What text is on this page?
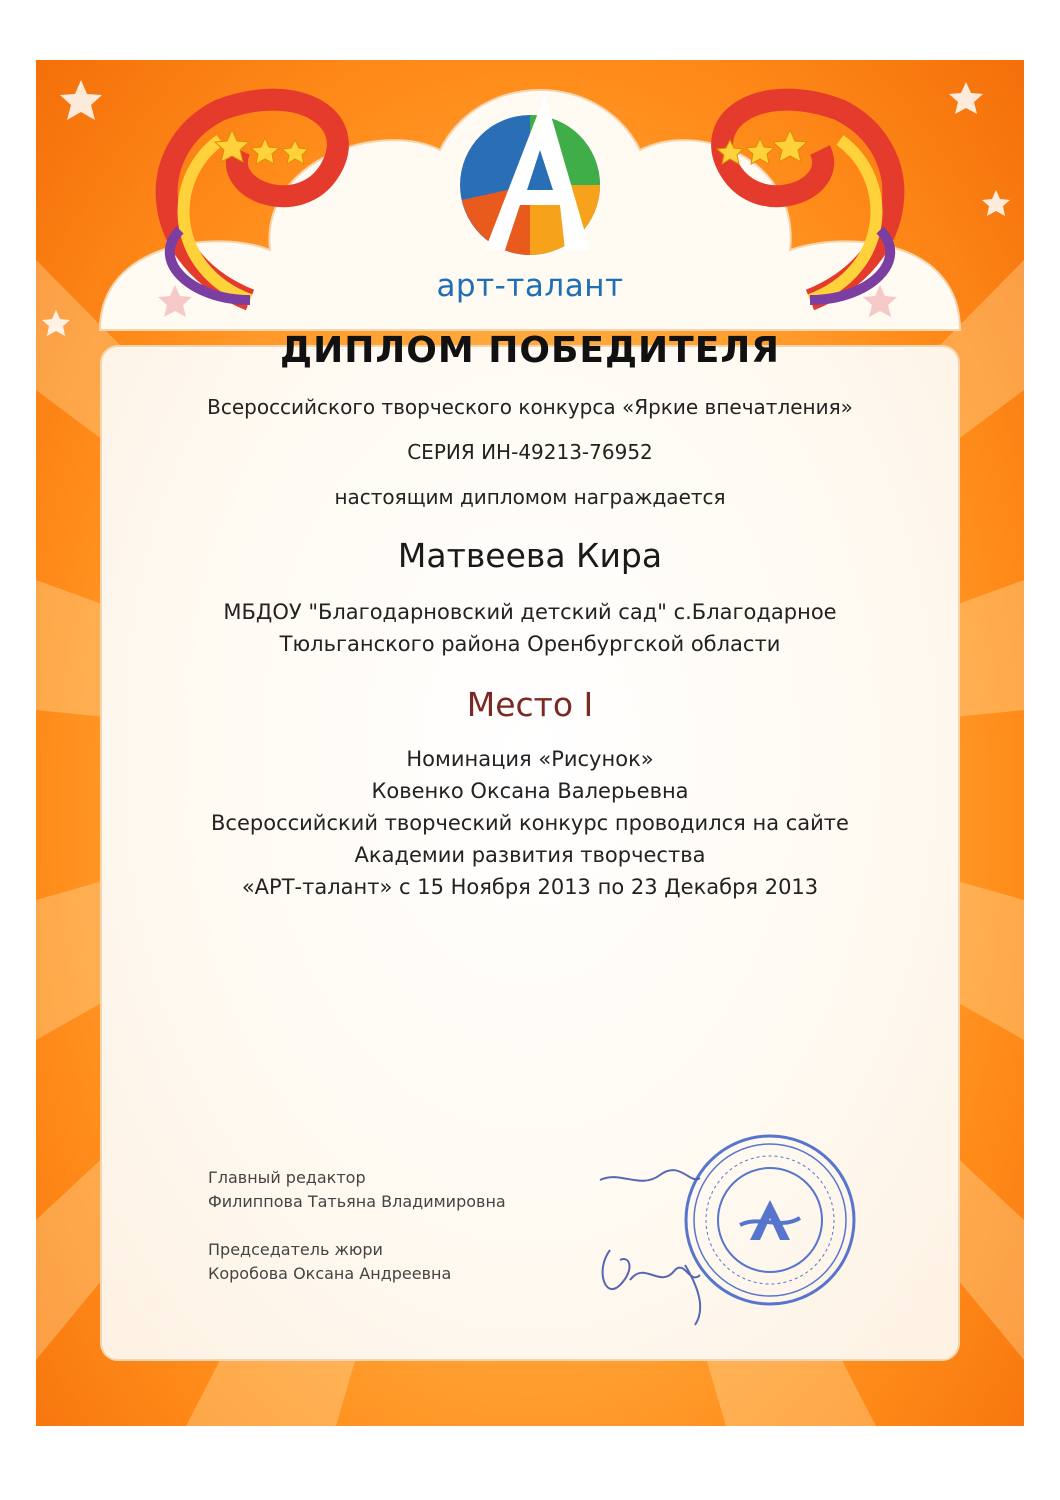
арт-талант
ДИПЛОМ ПОБЕДИТЕЛЯ
Всероссийского творческого конкурса «Яркие впечатления»
СЕРИЯ ИН-49213-76952
настоящим дипломом награждается
Матвеева Кира
МБДОУ "Благодарновский детский сад" с.Благодарное
Тюльганского района Оренбургской области
Место I
Номинация «Рисунок»
Ковенко Оксана Валерьевна
Всероссийский творческий конкурс проводился на сайте
Академии развития творчества
«АРТ-талант» с 15 Ноября 2013 по 23 Декабря 2013
Главный редактор
Филиппова Татьяна Владимировна
Председатель жюри
Коробова Оксана Андреевна
